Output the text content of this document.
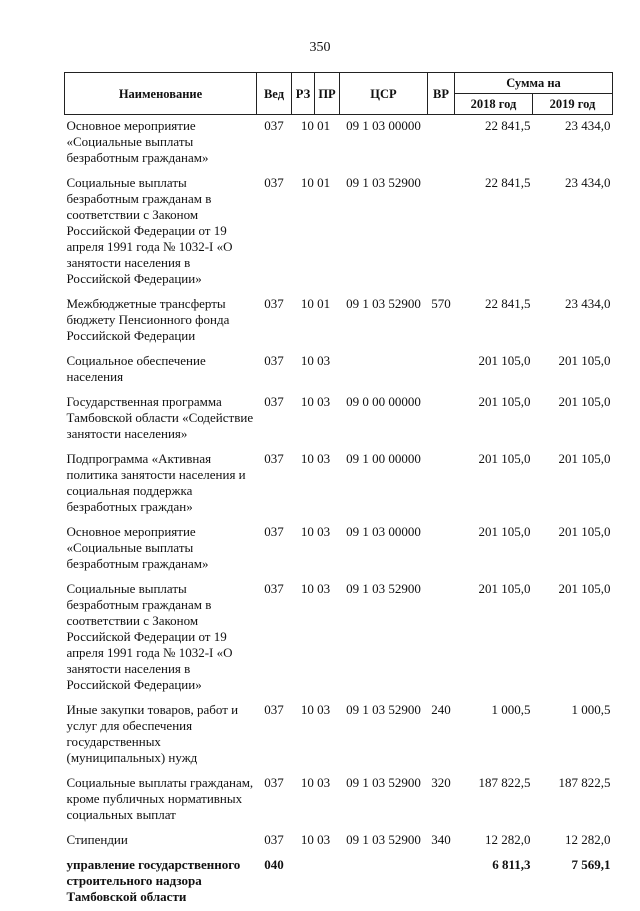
350
Наименование	Вед	РЗ	ПР	ЦСР	ВР	Сумма на	
						2018 год	2019 год
Основное мероприятие «Социальные выплаты безработным гражданам»	037	10 01		09 1 03 00000		22 841,5	23 434,0
Социальные выплаты безработным гражданам в соответствии с Законом Российской Федерации от 19 апреля 1991 года № 1032-I «О занятости населения в Российской Федерации»	037	10 01		09 1 03 52900		22 841,5	23 434,0
Межбюджетные трансферты бюджету Пенсионного фонда Российской Федерации	037	10 01		09 1 03 52900	570	22 841,5	23 434,0
Социальное обеспечение населения	037	10 03				201 105,0	201 105,0
Государственная программа Тамбовской области «Содействие занятости населения»	037	10 03		09 0 00 00000		201 105,0	201 105,0
Подпрограмма «Активная политика занятости населения и социальная поддержка безработных граждан»	037	10 03		09 1 00 00000		201 105,0	201 105,0
Основное мероприятие «Социальные выплаты безработным гражданам»	037	10 03		09 1 03 00000		201 105,0	201 105,0
Социальные выплаты безработным гражданам в соответствии с Законом Российской Федерации от 19 апреля 1991 года № 1032-I «О занятости населения в Российской Федерации»	037	10 03		09 1 03 52900		201 105,0	201 105,0
Иные закупки товаров, работ и услуг для обеспечения государственных (муниципальных) нужд	037	10 03		09 1 03 52900	240	1 000,5	1 000,5
Социальные выплаты гражданам, кроме публичных нормативных социальных выплат	037	10 03		09 1 03 52900	320	187 822,5	187 822,5
Стипендии	037	10 03		09 1 03 52900	340	12 282,0	12 282,0
управление государственного строительного надзора Тамбовской области	040					6 811,3	7 569,1
